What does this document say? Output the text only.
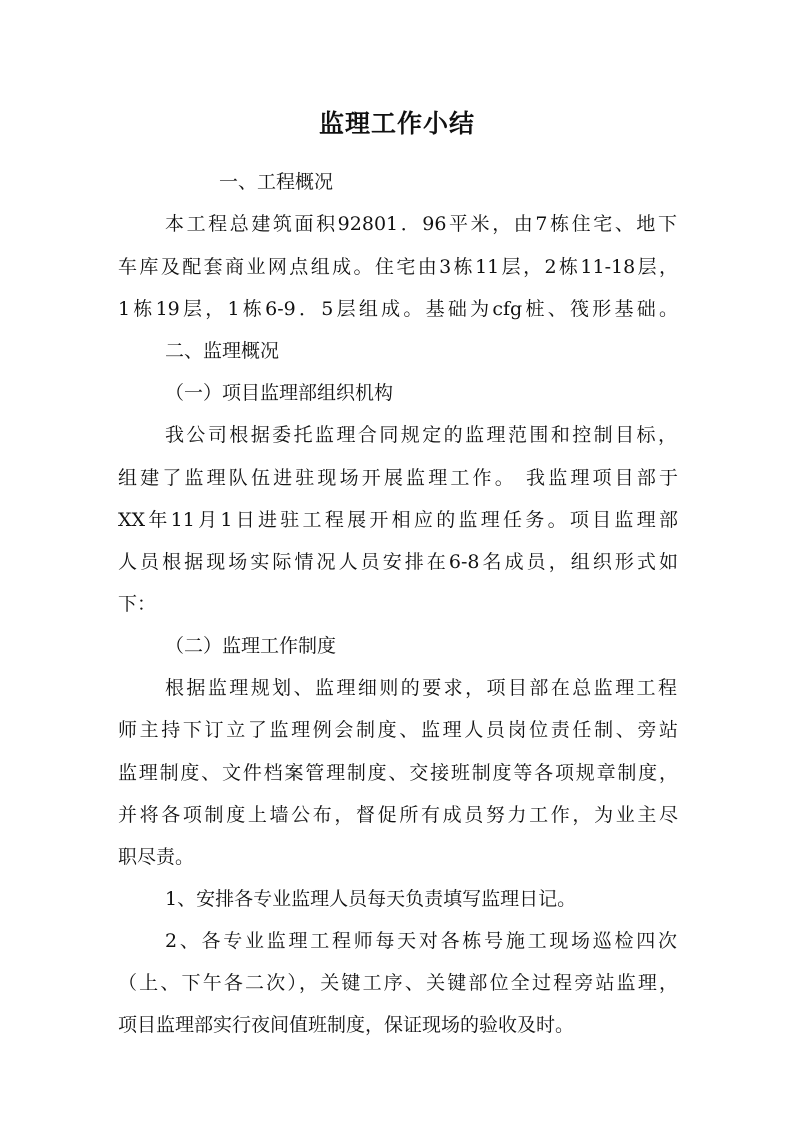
监理工作小结

一、工程概况

本工程总建筑面积92801．96平米，由7栋住宅、地下

车库及配套商业网点组成。住宅由3栋11层，2栋11-18层，

1栋19层，1栋6-9．5层组成。基础为cfg桩、筏形基础。

二、监理概况

（一）项目监理部组织机构

我公司根据委托监理合同规定的监理范围和控制目标，

组建了监理队伍进驻现场开展监理工作。 我监理项目部于

XX年11月1日进驻工程展开相应的监理任务。项目监理部

人员根据现场实际情况人员安排在6-8名成员，组织形式如

下：

（二）监理工作制度

根据监理规划、监理细则的要求，项目部在总监理工程

师主持下订立了监理例会制度、监理人员岗位责任制、旁站

监理制度、文件档案管理制度、交接班制度等各项规章制度，

并将各项制度上墙公布，督促所有成员努力工作，为业主尽

职尽责。

1、安排各专业监理人员每天负责填写监理日记。

2、各专业监理工程师每天对各栋号施工现场巡检四次

（上、下午各二次），关键工序、关键部位全过程旁站监理，

项目监理部实行夜间值班制度，保证现场的验收及时。
